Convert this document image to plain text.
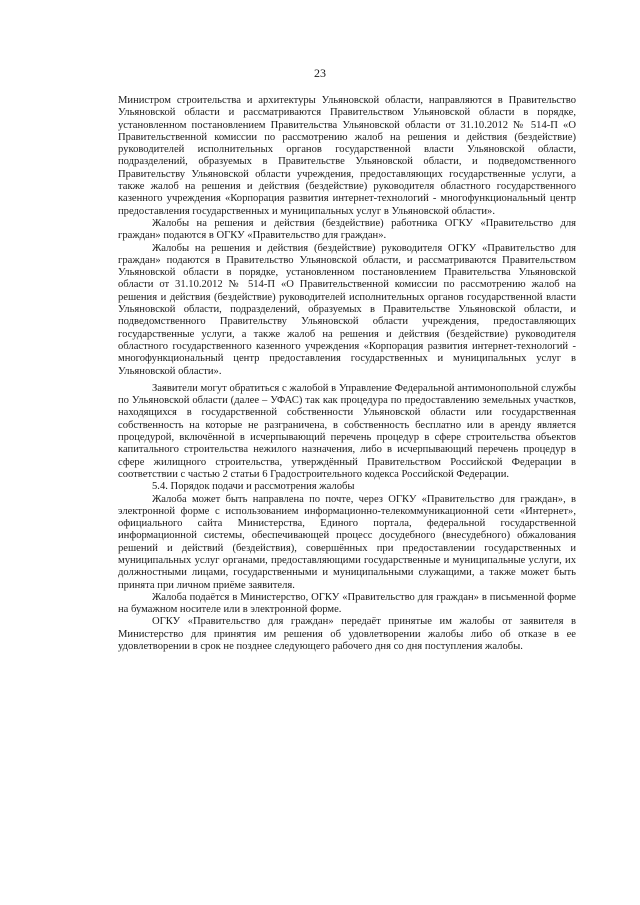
23

Министром строительства и архитектуры Ульяновской области, направляются в Правительство Ульяновской области и рассматриваются Правительством Ульяновской области в порядке, установленном постановлением Правительства Ульяновской области от 31.10.2012 № 514-П «О Правительственной комиссии по рассмотрению жалоб на решения и действия (бездействие) руководителей исполнительных органов государственной власти Ульяновской области, подразделений, образуемых в Правительстве Ульяновской области, и подведомственного Правительству Ульяновской области учреждения, предоставляющих государственные услуги, а также жалоб на решения и действия (бездействие) руководителя областного государственного казенного учреждения «Корпорация развития интернет-технологий - многофункциональный центр предоставления государственных и муниципальных услуг в Ульяновской области».

Жалобы на решения и действия (бездействие) работника ОГКУ «Правительство для граждан» подаются в ОГКУ «Правительство для граждан».

Жалобы на решения и действия (бездействие) руководителя ОГКУ «Правительство для граждан» подаются в Правительство Ульяновской области, и рассматриваются Правительством Ульяновской области в порядке, установленном постановлением Правительства Ульяновской области от 31.10.2012 № 514-П «О Правительственной комиссии по рассмотрению жалоб на решения и действия (бездействие) руководителей исполнительных органов государственной власти Ульяновской области, подразделений, образуемых в Правительстве Ульяновской области, и подведомственного Правительству Ульяновской области учреждения, предоставляющих государственные услуги, а также жалоб на решения и действия (бездействие) руководителя областного государственного казенного учреждения «Корпорация развития интернет-технологий - многофункциональный центр предоставления государственных и муниципальных услуг в Ульяновской области».

Заявители могут обратиться с жалобой в Управление Федеральной антимонопольной службы по Ульяновской области (далее – УФАС) так как процедура по предоставлению земельных участков, находящихся в государственной собственности Ульяновской области или государственная собственность на которые не разграничена, в собственность бесплатно или в аренду является процедурой, включённой в исчерпывающий перечень процедур в сфере строительства объектов капитального строительства нежилого назначения, либо в исчерпывающий перечень процедур в сфере жилищного строительства, утверждённый Правительством Российской Федерации в соответствии с частью 2 статьи 6 Градостроительного кодекса Российской Федерации.

5.4. Порядок подачи и рассмотрения жалобы

Жалоба может быть направлена по почте, через ОГКУ «Правительство для граждан», в электронной форме с использованием информационно-телекоммуникационной сети «Интернет», официального сайта Министерства, Единого портала, федеральной государственной информационной системы, обеспечивающей процесс досудебного (внесудебного) обжалования решений и действий (бездействия), совершённых при предоставлении государственных и муниципальных услуг органами, предоставляющими государственные и муниципальные услуги, их должностными лицами, государственными и муниципальными служащими, а также может быть принята при личном приёме заявителя.

Жалоба подаётся в Министерство, ОГКУ «Правительство для граждан» в письменной форме на бумажном носителе или в электронной форме.

ОГКУ «Правительство для граждан» передаёт принятые им жалобы от заявителя в Министерство для принятия им решения об удовлетворении жалобы либо об отказе в ее удовлетворении в срок не позднее следующего рабочего дня со дня поступления жалобы.
